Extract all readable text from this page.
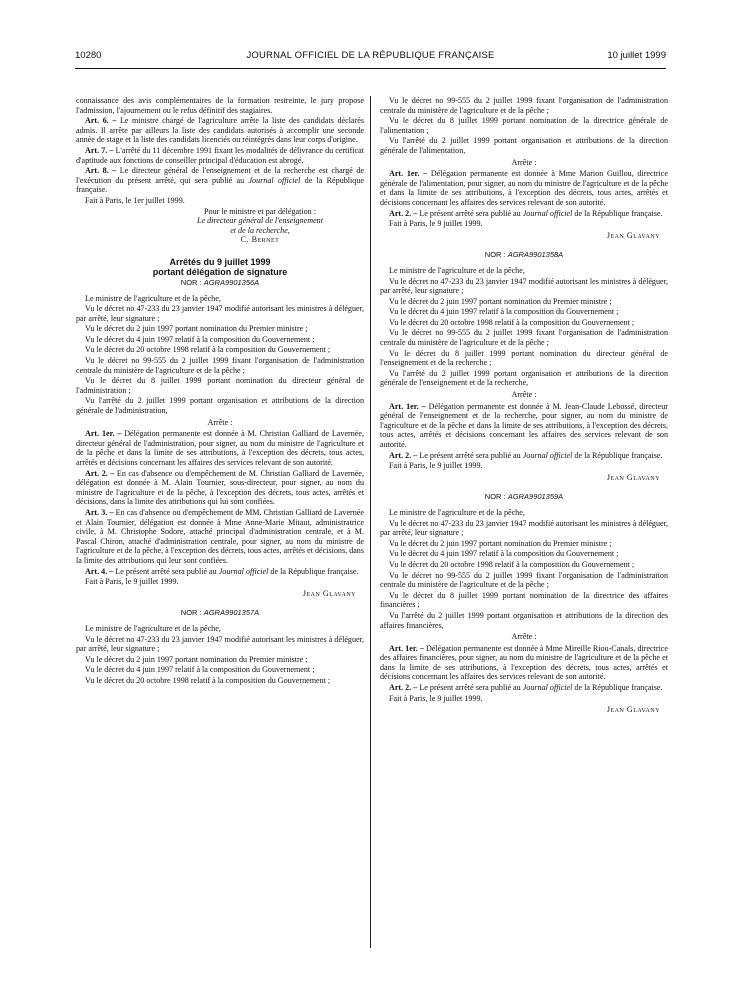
10280	JOURNAL OFFICIEL DE LA RÉPUBLIQUE FRANÇAISE	10 juillet 1999

connaissance des avis complémentaires de la formation restreinte, le jury propose l'admission, l'ajournement ou le refus définitif des stagiaires.

Art. 6. – Le ministre chargé de l'agriculture arrête la liste des candidats déclarés admis. Il arrête par ailleurs la liste des candidats autorisés à accomplir une seconde année de stage et la liste des candidats licenciés ou réintégrés dans leur corps d'origine.

Art. 7. – L'arrêté du 11 décembre 1991 fixant les modalités de délivrance du certificat d'aptitude aux fonctions de conseiller principal d'éducation est abrogé.

Art. 8. – Le directeur général de l'enseignement et de la recherche est chargé de l'exécution du présent arrêté, qui sera publié au Journal officiel de la République française.

Fait à Paris, le 1er juillet 1999.

Pour le ministre et par délégation :
Le directeur général de l'enseignement
et de la recherche,
C. Bernet
Arrêtés du 9 juillet 1999
portant délégation de signature
NOR : AGRA9901356A

Le ministre de l'agriculture et de la pêche,

Vu le décret no 47-233 du 23 janvier 1947 modifié autorisant les ministres à déléguer, par arrêté, leur signature ;

Vu le décret du 2 juin 1997 portant nomination du Premier ministre ;

Vu le décret du 4 juin 1997 relatif à la composition du Gouvernement ;

Vu le décret du 20 octobre 1998 relatif à la composition du Gouvernement ;

Vu le décret no 99-555 du 2 juillet 1999 fixant l'organisation de l'administration centrale du ministère de l'agriculture et de la pêche ;

Vu le décret du 8 juillet 1999 portant nomination du directeur général de l'administration ;

Vu l'arrêté du 2 juillet 1999 portant organisation et attributions de la direction générale de l'administration,

Arrête :

Art. 1er. – Délégation permanente est donnée à M. Christian Galliard de Lavernée, directeur général de l'administration, pour signer, au nom du ministre de l'agriculture et de la pêche et dans la limite de ses attributions, à l'exception des décrets, tous actes, arrêtés et décisions concernant les affaires des services relevant de son autorité.

Art. 2. – En cas d'absence ou d'empêchement de M. Christian Galliard de Lavernée, délégation est donnée à M. Alain Tournier, sous-directeur, pour signer, au nom du ministre de l'agriculture et de la pêche, à l'exception des décrets, tous actes, arrêtés et décisions, dans la limite des attributions qui lui sont confiées.

Art. 3. – En cas d'absence ou d'empêchement de MM. Christian Galliard de Lavernée et Alain Tournier, délégation est donnée à Mme Anne-Marie Mitaut, administratrice civile, à M. Christophe Sodore, attaché principal d'administration centrale, et à M. Pascal Chiron, attaché d'administration centrale, pour signer, au nom du ministre de l'agriculture et de la pêche, à l'exception des décrets, tous actes, arrêtés et décisions, dans la limite des attributions qui leur sont confiées.

Art. 4. – Le présent arrêté sera publié au Journal officiel de la République française.

Fait à Paris, le 9 juillet 1999.

Jean Glavany

NOR : AGRA9901357A

Le ministre de l'agriculture et de la pêche,

Vu le décret no 47-233 du 23 janvier 1947 modifié autorisant les ministres à déléguer, par arrêté, leur signature ;

Vu le décret du 2 juin 1997 portant nomination du Premier ministre ;

Vu le décret du 4 juin 1997 relatif à la composition du Gouvernement ;

Vu le décret du 20 octobre 1998 relatif à la composition du Gouvernement ;

Vu le décret no 99-555 du 2 juillet 1999 fixant l'organisation de l'administration centrale du ministère de l'agriculture et de la pêche ;

Vu le décret du 8 juillet 1999 portant nomination de la directrice générale de l'alimentation ;

Vu l'arrêté du 2 juillet 1999 portant organisation et attributions de la direction générale de l'alimentation,

Arrête :

Art. 1er. – Délégation permanente est donnée à Mme Marion Guillou, directrice générale de l'alimentation, pour signer, au nom du ministre de l'agriculture et de la pêche et dans la limite de ses attributions, à l'exception des décrets, tous actes, arrêtés et décisions concernant les affaires des services relevant de son autorité.

Art. 2. – Le présent arrêté sera publié au Journal officiel de la République française.

Fait à Paris, le 9 juillet 1999.

Jean Glavany

NOR : AGRA9901358A

Le ministre de l'agriculture et de la pêche,

Vu le décret no 47-233 du 23 janvier 1947 modifié autorisant les ministres à déléguer, par arrêté, leur signature ;

Vu le décret du 2 juin 1997 portant nomination du Premier ministre ;

Vu le décret du 4 juin 1997 relatif à la composition du Gouvernement ;

Vu le décret du 20 octobre 1998 relatif à la composition du Gouvernement ;

Vu le décret no 99-555 du 2 juillet 1999 fixant l'organisation de l'administration centrale du ministère de l'agriculture et de la pêche ;

Vu le décret du 8 juillet 1999 portant nomination du directeur général de l'enseignement et de la recherche ;

Vu l'arrêté du 2 juillet 1999 portant organisation et attributions de la direction générale de l'enseignement et de la recherche,

Arrête :

Art. 1er. – Délégation permanente est donnée à M. Jean-Claude Lebossé, directeur général de l'enseignement et de la recherche, pour signer, au nom du ministre de l'agriculture et de la pêche et dans la limite de ses attributions, à l'exception des décrets, tous actes, arrêtés et décisions concernant les affaires des services relevant de son autorité.

Art. 2. – Le présent arrêté sera publié au Journal officiel de la République française.

Fait à Paris, le 9 juillet 1999.

Jean Glavany

NOR : AGRA9901359A

Le ministre de l'agriculture et de la pêche,

Vu le décret no 47-233 du 23 janvier 1947 modifié autorisant les ministres à déléguer, par arrêté, leur signature ;

Vu le décret du 2 juin 1997 portant nomination du Premier ministre ;

Vu le décret du 4 juin 1997 relatif à la composition du Gouvernement ;

Vu le décret du 20 octobre 1998 relatif à la composition du Gouvernement ;

Vu le décret no 99-555 du 2 juillet 1999 fixant l'organisation de l'administration centrale du ministère de l'agriculture et de la pêche ;

Vu le décret du 8 juillet 1999 portant nomination de la directrice des affaires financières ;

Vu l'arrêté du 2 juillet 1999 portant organisation et attributions de la direction des affaires financières,

Arrête :

Art. 1er. – Délégation permanente est donnée à Mme Mireille Riou-Canals, directrice des affaires financières, pour signer, au nom du ministre de l'agriculture et de la pêche et dans la limite de ses attributions, à l'exception des décrets, tous actes, arrêtés et décisions concernant les affaires des services relevant de son autorité.

Art. 2. – Le présent arrêté sera publié au Journal officiel de la République française.

Fait à Paris, le 9 juillet 1999.

Jean Glavany
